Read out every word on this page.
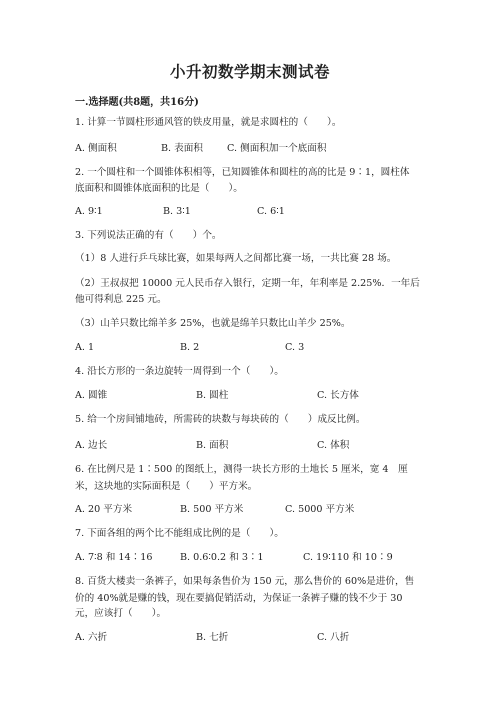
小升初数学期末测试卷
一.选择题(共8题，共16分)
1. 计算一节圆柱形通风管的铁皮用量，就是求圆柱的（　　）。
A. 侧面积	B. 表面积	C. 侧面积加一个底面积
2. 一个圆柱和一个圆锥体积相等，已知圆锥体和圆柱的高的比是 9∶1，圆柱体
底面积和圆锥体底面积的比是（　　）。
A. 9∶1	B. 3∶1	C. 6∶1
3. 下列说法正确的有（　　）个。
（1）8 人进行乒乓球比赛，如果每两人之间都比赛一场，一共比赛 28 场。
（2）王叔叔把 10000 元人民币存入银行，定期一年，年利率是 2.25%．一年后
他可得利息 225 元。
（3）山羊只数比绵羊多 25%，也就是绵羊只数比山羊少 25%。
A. 1	B. 2	C. 3
4. 沿长方形的一条边旋转一周得到一个（　　）。
A. 圆锥	B. 圆柱	C. 长方体
5. 给一个房间铺地砖，所需砖的块数与每块砖的（　　）成反比例。
A. 边长	B. 面积	C. 体积
6. 在比例尺是 1∶500 的图纸上，测得一块长方形的土地长 5 厘米，宽 4　厘
米，这块地的实际面积是（　　）平方米。
A. 20 平方米	B. 500 平方米	C. 5000 平方米
7. 下面各组的两个比不能组成比例的是（　　）。
A. 7∶8 和 14∶16	B. 0.6∶0.2 和 3∶1	C. 19∶110 和 10∶9
8. 百货大楼卖一条裤子，如果每条售价为 150 元，那么售价的 60%是进价，售
价的 40%就是赚的钱，现在要搞促销活动，为保证一条裤子赚的钱不少于 30
元，应该打（　　）。
A. 六折	B. 七折	C. 八折
